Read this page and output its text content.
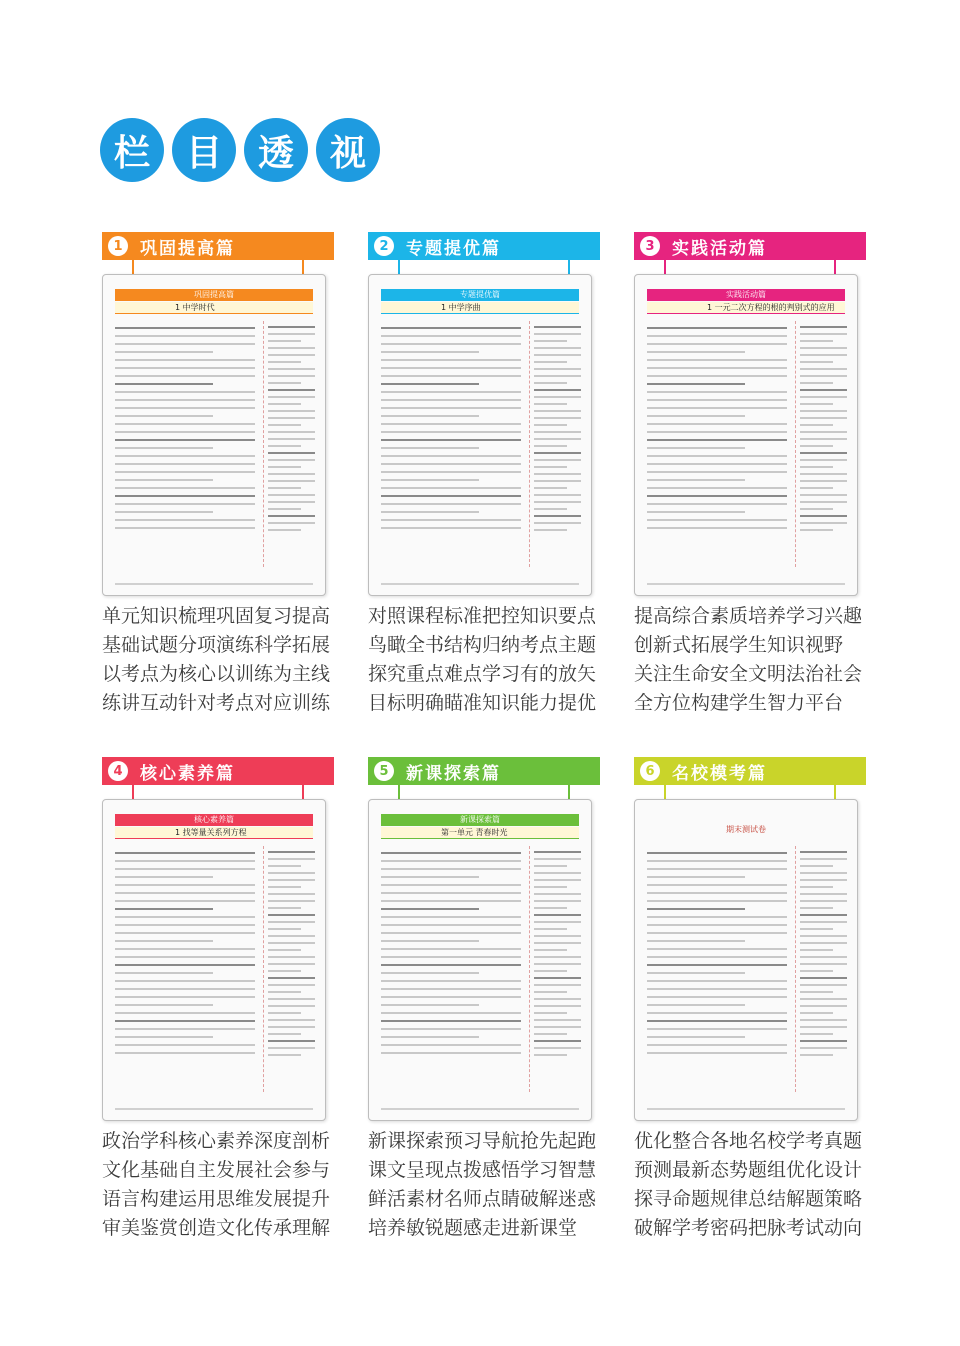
栏 目 透 视
1	巩固提高篇
巩固提高篇
1 中学时代
单元知识梳理巩固复习提高
基础试题分项演练科学拓展
以考点为核心以训练为主线
练讲互动针对考点对应训练
2	专题提优篇
专题提优篇
1 中学序曲
对照课程标准把控知识要点
鸟瞰全书结构归纳考点主题
探究重点难点学习有的放矢
目标明确瞄准知识能力提优
3	实践活动篇
实践活动篇
1 一元二次方程的根的判别式的应用
提高综合素质培养学习兴趣
创新式拓展学生知识视野
关注生命安全文明法治社会
全方位构建学生智力平台
4	核心素养篇
核心素养篇
1 找等量关系列方程
政治学科核心素养深度剖析
文化基础自主发展社会参与
语言构建运用思维发展提升
审美鉴赏创造文化传承理解
5	新课探索篇
新课探索篇
第一单元 青春时光
新课探索预习导航抢先起跑
课文呈现点拨感悟学习智慧
鲜活素材名师点睛破解迷惑
培养敏锐题感走进新课堂
6	名校模考篇
期末测试卷
优化整合各地名校学考真题
预测最新态势题组优化设计
探寻命题规律总结解题策略
破解学考密码把脉考试动向
